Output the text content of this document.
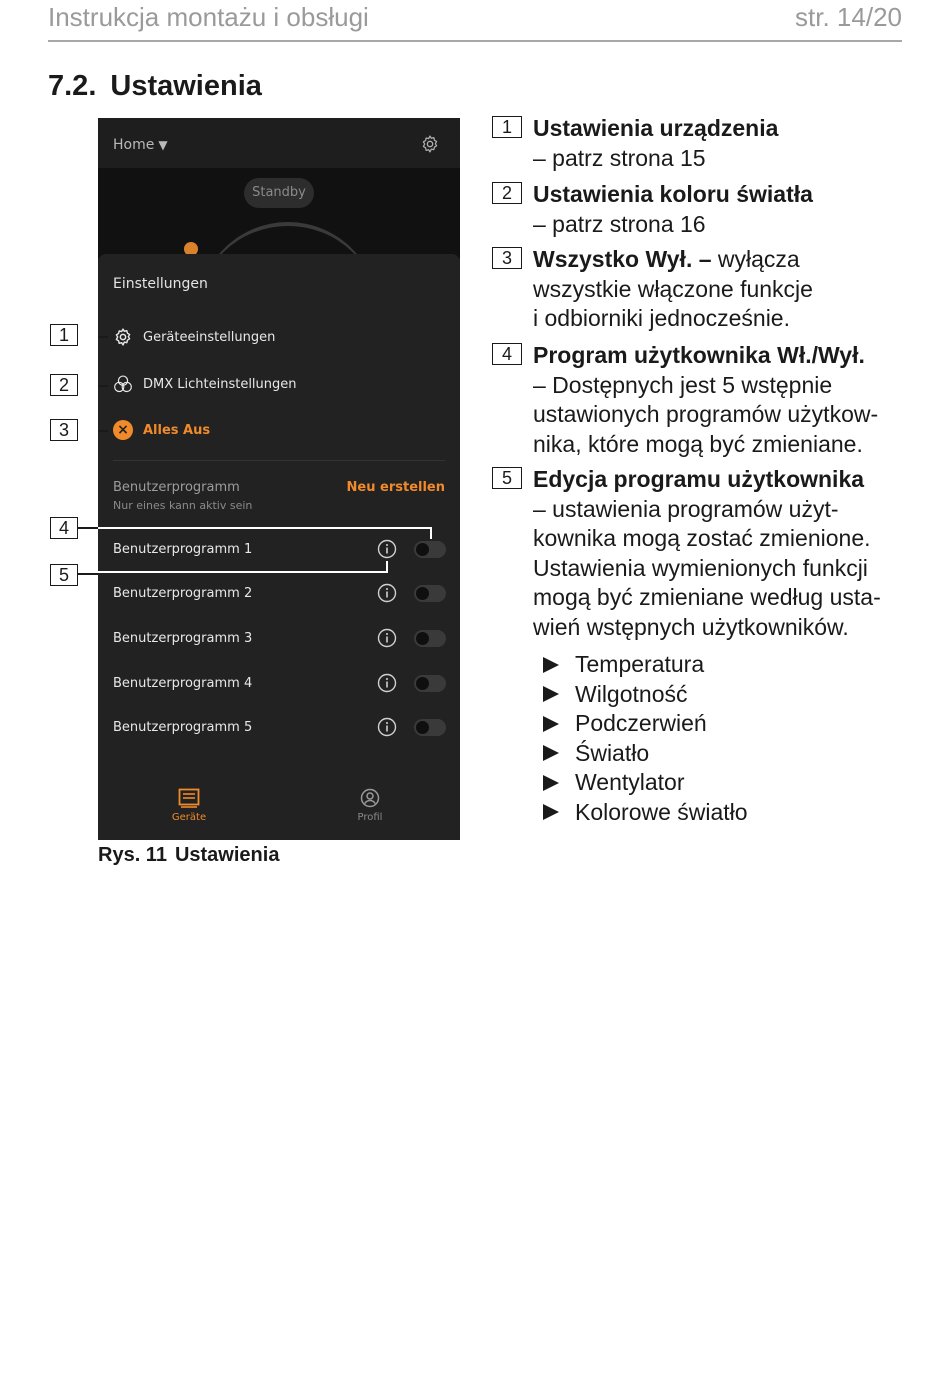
Instrukcja montażu i obsługi	str. 14/20
7.2. Ustawienia
Home ▼
Standby
Einstellungen
Geräteeinstellungen
DMX Lichteinstellungen
×	Alles Aus
Benutzerprogramm
Nur eines kann aktiv sein
Neu erstellen
Benutzerprogramm 1
Benutzerprogramm 2
Benutzerprogramm 3
Benutzerprogramm 4
Benutzerprogramm 5
Geräte	Profil
1
2
3
4
5
Rys. 11 Ustawienia
1 Ustawienia urządzenia
– patrz strona 15
2 Ustawienia koloru światła
– patrz strona 16
3 Wszystko Wył. – wyłącza
wszystkie włączone funkcje
i odbiorniki jednocześnie.
4 Program użytkownika Wł./Wył.
– Dostępnych jest 5 wstępnie
ustawionych programów użytkow-
nika, które mogą być zmieniane.
5 Edycja programu użytkownika
– ustawienia programów użyt-
kownika mogą zostać zmienione.
Ustawienia wymienionych funkcji
mogą być zmieniane według usta-
wień wstępnych użytkowników.
Temperatura
Wilgotność
Podczerwień
Światło
Wentylator
Kolorowe światło
